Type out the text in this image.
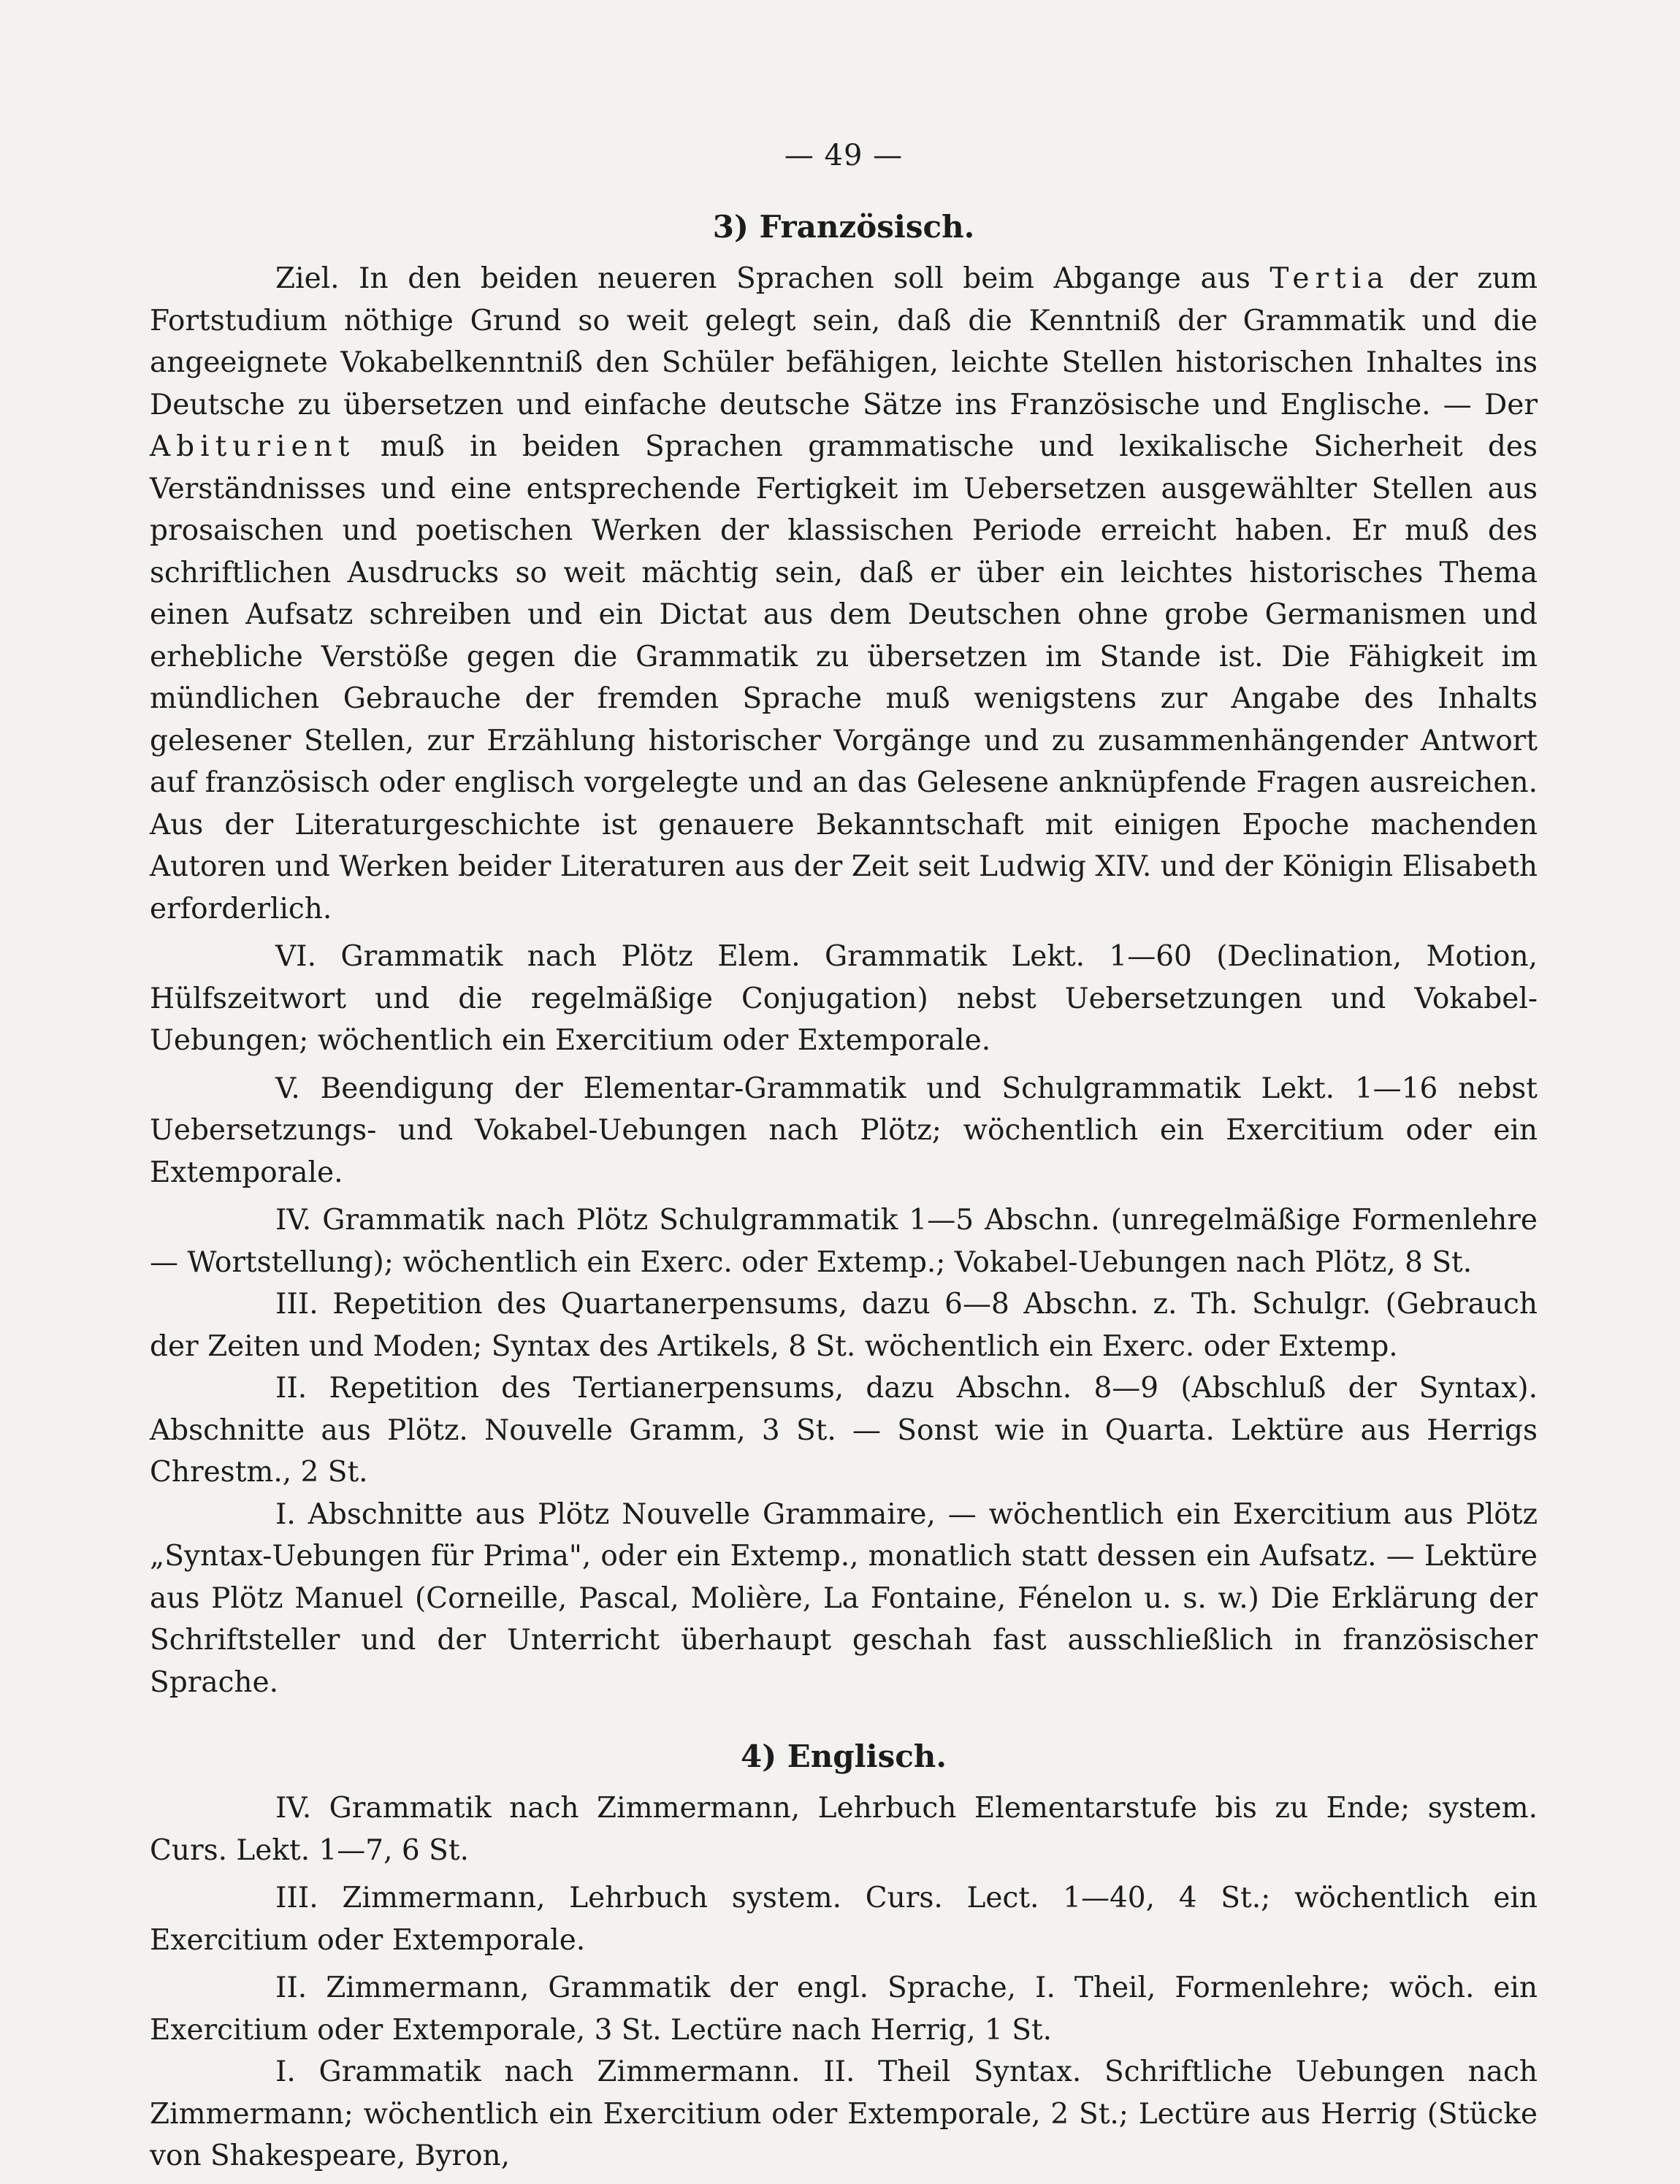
— 49 —
3) Französisch.

Ziel. In den beiden neueren Sprachen soll beim Abgange aus Tertia der zum Fortstudium nöthige Grund so weit gelegt sein, daß die Kenntniß der Grammatik und die angeeignete Vokabelkenntniß den Schüler befähigen, leichte Stellen historischen Inhaltes ins Deutsche zu übersetzen und einfache deutsche Sätze ins Französische und Englische. — Der Abiturient muß in beiden Sprachen grammatische und lexikalische Sicherheit des Verständnisses und eine entsprechende Fertigkeit im Uebersetzen ausgewählter Stellen aus prosaischen und poetischen Werken der klassischen Periode erreicht haben. Er muß des schriftlichen Ausdrucks so weit mächtig sein, daß er über ein leichtes historisches Thema einen Aufsatz schreiben und ein Dictat aus dem Deutschen ohne grobe Germanismen und erhebliche Verstöße gegen die Grammatik zu übersetzen im Stande ist. Die Fähigkeit im mündlichen Gebrauche der fremden Sprache muß wenigstens zur Angabe des Inhalts gelesener Stellen, zur Erzählung historischer Vorgänge und zu zusammenhängender Antwort auf französisch oder englisch vorgelegte und an das Gelesene anknüpfende Fragen ausreichen. Aus der Literaturgeschichte ist genauere Bekanntschaft mit einigen Epoche machenden Autoren und Werken beider Literaturen aus der Zeit seit Ludwig XIV. und der Königin Elisabeth erforderlich.

VI. Grammatik nach Plötz Elem. Grammatik Lekt. 1—60 (Declination, Motion, Hülfszeitwort und die regelmäßige Conjugation) nebst Uebersetzungen und Vokabel-Uebungen; wöchentlich ein Exercitium oder Extemporale.

V. Beendigung der Elementar-Grammatik und Schulgrammatik Lekt. 1—16 nebst Uebersetzungs- und Vokabel-Uebungen nach Plötz; wöchentlich ein Exercitium oder ein Extemporale.

IV. Grammatik nach Plötz Schulgrammatik 1—5 Abschn. (unregelmäßige Formenlehre — Wortstellung); wöchentlich ein Exerc. oder Extemp.; Vokabel-Uebungen nach Plötz, 8 St.

III. Repetition des Quartanerpensums, dazu 6—8 Abschn. z. Th. Schulgr. (Gebrauch der Zeiten und Moden; Syntax des Artikels, 8 St. wöchentlich ein Exerc. oder Extemp.

II. Repetition des Tertianerpensums, dazu Abschn. 8—9 (Abschluß der Syntax). Abschnitte aus Plötz. Nouvelle Gramm, 3 St. — Sonst wie in Quarta. Lektüre aus Herrigs Chrestm., 2 St.

I. Abschnitte aus Plötz Nouvelle Grammaire, — wöchentlich ein Exercitium aus Plötz „Syntax-Uebungen für Prima", oder ein Extemp., monatlich statt dessen ein Aufsatz. — Lektüre aus Plötz Manuel (Corneille, Pascal, Molière, La Fontaine, Fénelon u. s. w.) Die Erklärung der Schriftsteller und der Unterricht überhaupt geschah fast ausschließlich in französischer Sprache.

4) Englisch.

IV. Grammatik nach Zimmermann, Lehrbuch Elementarstufe bis zu Ende; system. Curs. Lekt. 1—7, 6 St.

III. Zimmermann, Lehrbuch system. Curs. Lect. 1—40, 4 St.; wöchentlich ein Exercitium oder Extemporale.

II. Zimmermann, Grammatik der engl. Sprache, I. Theil, Formenlehre; wöch. ein Exercitium oder Extemporale, 3 St. Lectüre nach Herrig, 1 St.

I. Grammatik nach Zimmermann. II. Theil Syntax. Schriftliche Uebungen nach Zimmermann; wöchentlich ein Exercitium oder Extemporale, 2 St.; Lectüre aus Herrig (Stücke von Shakespeare, Byron,
